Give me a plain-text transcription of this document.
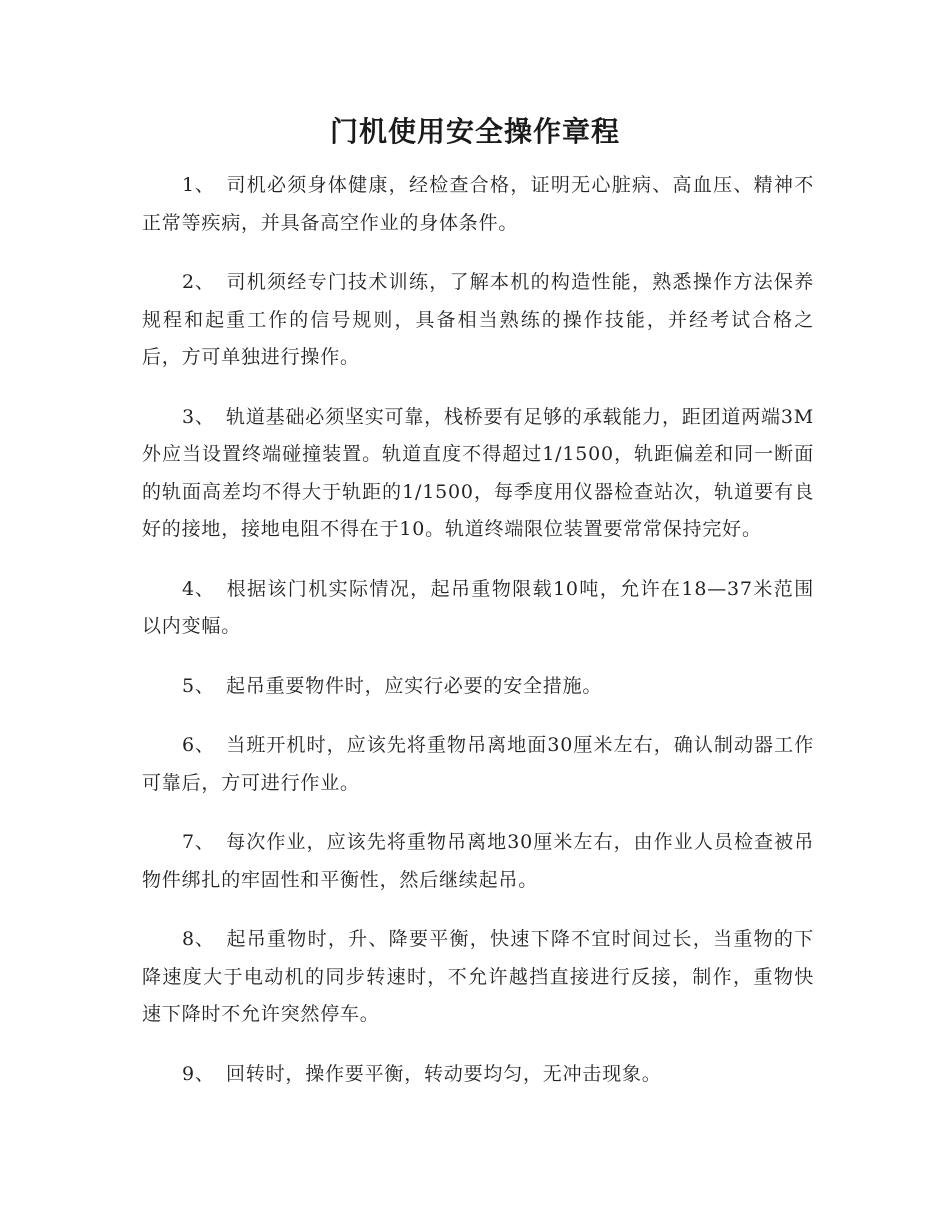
门机使用安全操作章程

1、 司机必须身体健康，经检查合格，证明无心脏病、高血压、精神不正常等疾病，并具备高空作业的身体条件。

2、 司机须经专门技术训练，了解本机的构造性能，熟悉操作方法保养规程和起重工作的信号规则，具备相当熟练的操作技能，并经考试合格之后，方可单独进行操作。

3、 轨道基础必须坚实可靠，栈桥要有足够的承载能力，距团道两端3M外应当设置终端碰撞装置。轨道直度不得超过1/1500，轨距偏差和同一断面的轨面高差均不得大于轨距的1/1500，每季度用仪器检查站次，轨道要有良好的接地，接地电阻不得在于10。轨道终端限位装置要常常保持完好。

4、 根据该门机实际情况，起吊重物限载10吨，允许在18—37米范围以内变幅。

5、 起吊重要物件时，应实行必要的安全措施。

6、 当班开机时，应该先将重物吊离地面30厘米左右，确认制动器工作可靠后，方可进行作业。

7、 每次作业，应该先将重物吊离地30厘米左右，由作业人员检查被吊物件绑扎的牢固性和平衡性，然后继续起吊。

8、 起吊重物时，升、降要平衡，快速下降不宜时间过长，当重物的下降速度大于电动机的同步转速时，不允许越挡直接进行反接，制作，重物快速下降时不允许突然停车。

9、 回转时，操作要平衡，转动要均匀，无冲击现象。
